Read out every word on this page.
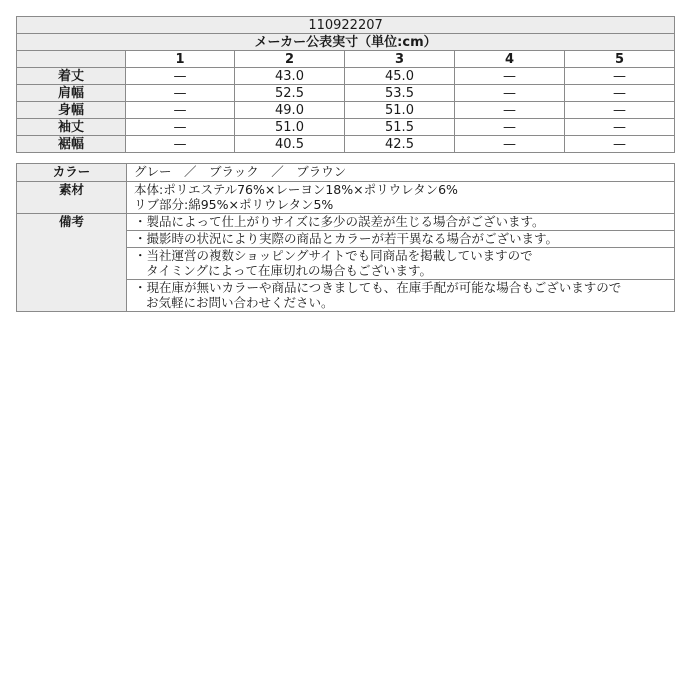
110922207					
メーカー公表実寸（単位:cm）					
	1	2	3	4	5
着丈	—	43.0	45.0	—	—
肩幅	—	52.5	53.5	—	—
身幅	—	49.0	51.0	—	—
袖丈	—	51.0	51.5	—	—
裾幅	—	40.5	42.5	—	—
カラー	グレー　／　ブラック　／　ブラウン
素材	本体:ポリエステル76%×レーヨン18%×ポリウレタン6%
リブ部分:綿95%×ポリウレタン5%

備考	・製品によって仕上がりサイズに多少の誤差が生じる場合がございます。

	・撮影時の状況により実際の商品とカラーが若干異なる場合がございます。

	・当社運営の複数ショッピングサイトでも同商品を掲載していますので
タイミングによって在庫切れの場合もございます。

	・現在庫が無いカラーや商品につきましても、在庫手配が可能な場合もございますので
お気軽にお問い合わせください。
